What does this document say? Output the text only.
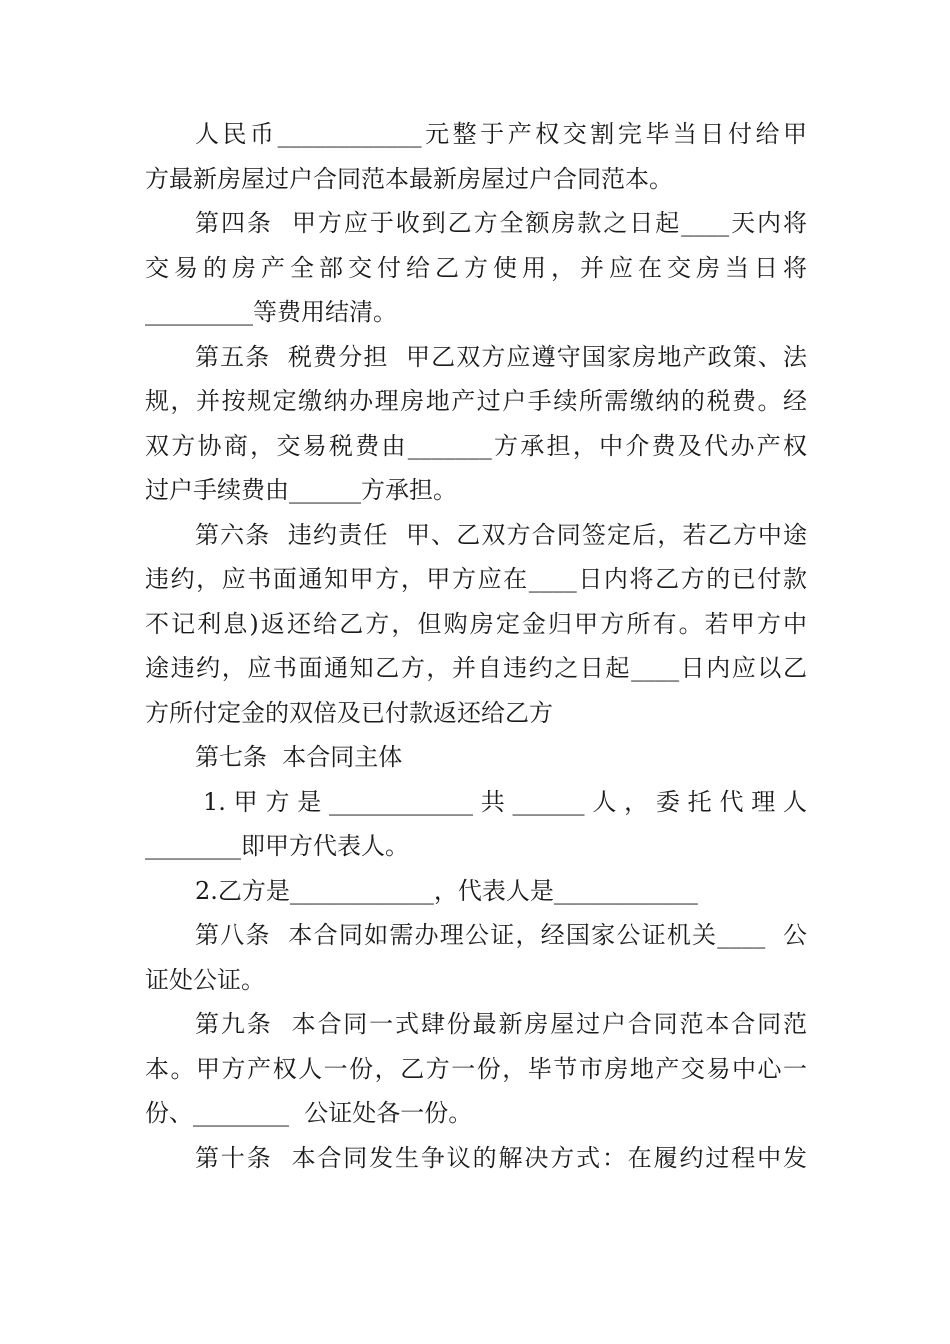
人民币____________元整于产权交割完毕当日付给甲
方最新房屋过户合同范本最新房屋过户合同范本。

第四条  甲方应于收到乙方全额房款之日起____天内将
交易的房产全部交付给乙方使用，并应在交房当日将
_________等费用结清。

第五条  税费分担  甲乙双方应遵守国家房地产政策、法
规，并按规定缴纳办理房地产过户手续所需缴纳的税费。经
双方协商，交易税费由_______方承担，中介费及代办产权
过户手续费由______方承担。

第六条  违约责任  甲、乙双方合同签定后，若乙方中途
违约，应书面通知甲方，甲方应在____日内将乙方的已付款
不记利息)返还给乙方，但购房定金归甲方所有。若甲方中
途违约，应书面通知乙方，并自违约之日起____日内应以乙
方所付定金的双倍及已付款返还给乙方

第七条  本合同主体

1.甲方是____________共______人，委托代理人
________即甲方代表人。

2.乙方是____________，代表人是____________

第八条  本合同如需办理公证，经国家公证机关____  公
证处公证。

第九条  本合同一式肆份最新房屋过户合同范本合同范
本。甲方产权人一份，乙方一份，毕节市房地产交易中心一
份、________  公证处各一份。

第十条  本合同发生争议的解决方式：在履约过程中发
